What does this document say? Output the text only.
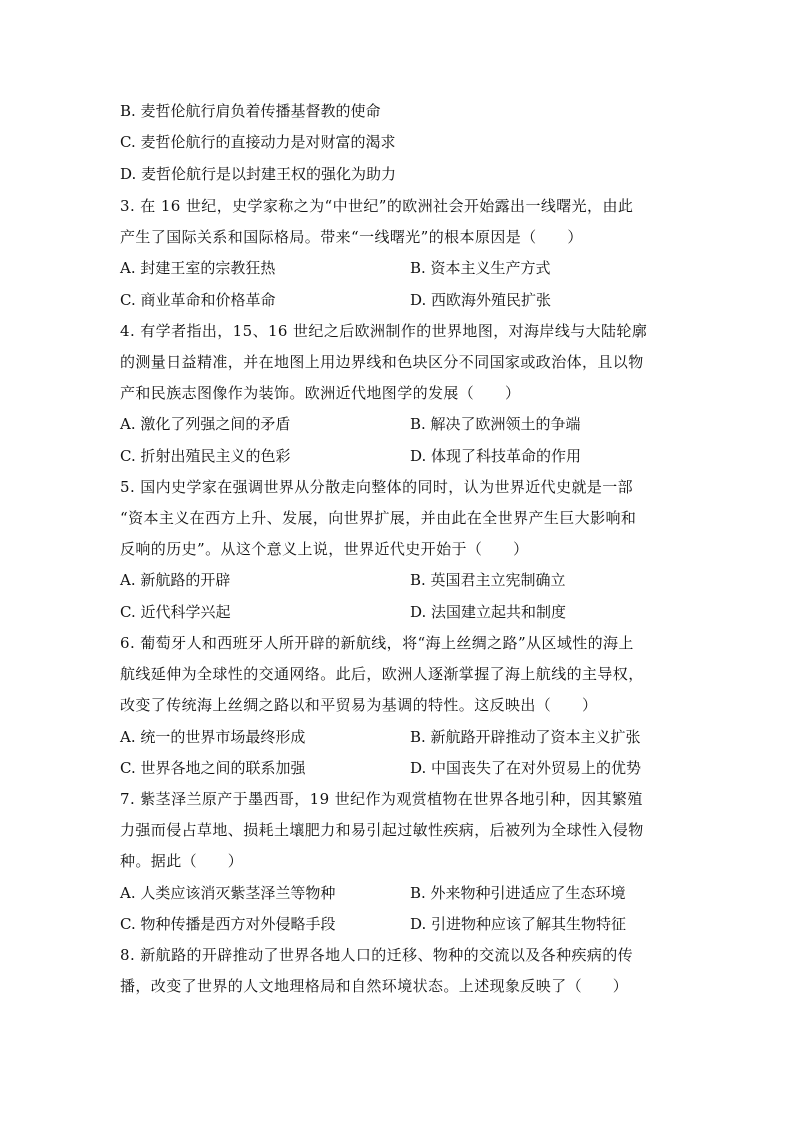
B. 麦哲伦航行肩负着传播基督教的使命
C. 麦哲伦航行的直接动力是对财富的渴求
D. 麦哲伦航行是以封建王权的强化为助力
3. 在 16 世纪，史学家称之为“中世纪”的欧洲社会开始露出一线曙光，由此
产生了国际关系和国际格局。带来“一线曙光”的根本原因是（　　）
A. 封建王室的宗教狂热	B. 资本主义生产方式
C. 商业革命和价格革命	D. 西欧海外殖民扩张
4. 有学者指出，15、16 世纪之后欧洲制作的世界地图，对海岸线与大陆轮廓
的测量日益精准，并在地图上用边界线和色块区分不同国家或政治体，且以物
产和民族志图像作为装饰。欧洲近代地图学的发展（　　）
A. 激化了列强之间的矛盾	B. 解决了欧洲领土的争端
C. 折射出殖民主义的色彩	D. 体现了科技革命的作用
5. 国内史学家在强调世界从分散走向整体的同时，认为世界近代史就是一部
“资本主义在西方上升、发展，向世界扩展，并由此在全世界产生巨大影响和
反响的历史”。从这个意义上说，世界近代史开始于（　　）
A. 新航路的开辟	B. 英国君主立宪制确立
C. 近代科学兴起	D. 法国建立起共和制度
6. 葡萄牙人和西班牙人所开辟的新航线，将“海上丝绸之路”从区域性的海上
航线延伸为全球性的交通网络。此后，欧洲人逐渐掌握了海上航线的主导权，
改变了传统海上丝绸之路以和平贸易为基调的特性。这反映出（　　）
A. 统一的世界市场最终形成	B. 新航路开辟推动了资本主义扩张
C. 世界各地之间的联系加强	D. 中国丧失了在对外贸易上的优势
7. 紫茎泽兰原产于墨西哥，19 世纪作为观赏植物在世界各地引种，因其繁殖
力强而侵占草地、损耗土壤肥力和易引起过敏性疾病，后被列为全球性入侵物
种。据此（　　）
A. 人类应该消灭紫茎泽兰等物种	B. 外来物种引进适应了生态环境
C. 物种传播是西方对外侵略手段	D. 引进物种应该了解其生物特征
8. 新航路的开辟推动了世界各地人口的迁移、物种的交流以及各种疾病的传
播，改变了世界的人文地理格局和自然环境状态。上述现象反映了（　　）
